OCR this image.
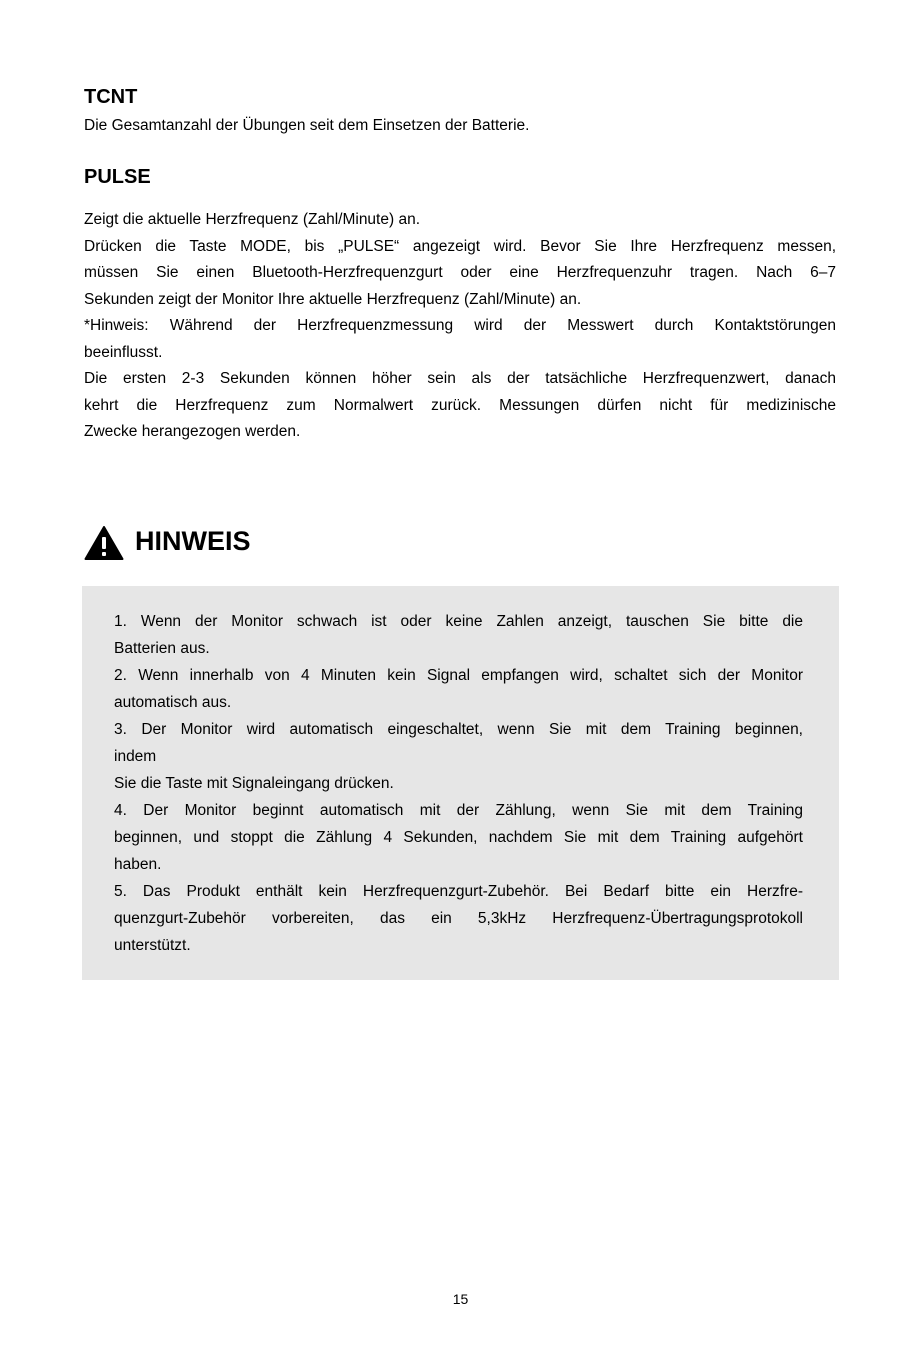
TCNT

Die Gesamtanzahl der Übungen seit dem Einsetzen der Batterie.

PULSE
Zeigt die aktuelle Herzfrequenz (Zahl/Minute) an.
Drücken die Taste MODE, bis „PULSE“ angezeigt wird. Bevor Sie Ihre Herzfrequenz messen,
müssen Sie einen Bluetooth-Herzfrequenzgurt oder eine Herzfrequenzuhr tragen. Nach 6–7
Sekunden zeigt der Monitor Ihre aktuelle Herzfrequenz (Zahl/Minute) an.
*Hinweis: Während der Herzfrequenzmessung wird der Messwert durch Kontaktstörungen
beeinflusst.
Die ersten 2-3 Sekunden können höher sein als der tatsächliche Herzfrequenzwert, danach
kehrt die Herzfrequenz zum Normalwert zurück. Messungen dürfen nicht für medizinische
Zwecke herangezogen werden.
HINWEIS
1. Wenn der Monitor schwach ist oder keine Zahlen anzeigt, tauschen Sie bitte die
Batterien aus.
2. Wenn innerhalb von 4 Minuten kein Signal empfangen wird, schaltet sich der Monitor
automatisch aus.
3. Der Monitor wird automatisch eingeschaltet, wenn Sie mit dem Training beginnen,
indem
Sie die Taste mit Signaleingang drücken.
4. Der Monitor beginnt automatisch mit der Zählung, wenn Sie mit dem Training
beginnen, und stoppt die Zählung 4 Sekunden, nachdem Sie mit dem Training aufgehört
haben.
5. Das Produkt enthält kein Herzfrequenzgurt-Zubehör. Bei Bedarf bitte ein Herzfre-
quenzgurt-Zubehör vorbereiten, das ein 5,3kHz Herzfrequenz-Übertragungsprotokoll
unterstützt.
15
